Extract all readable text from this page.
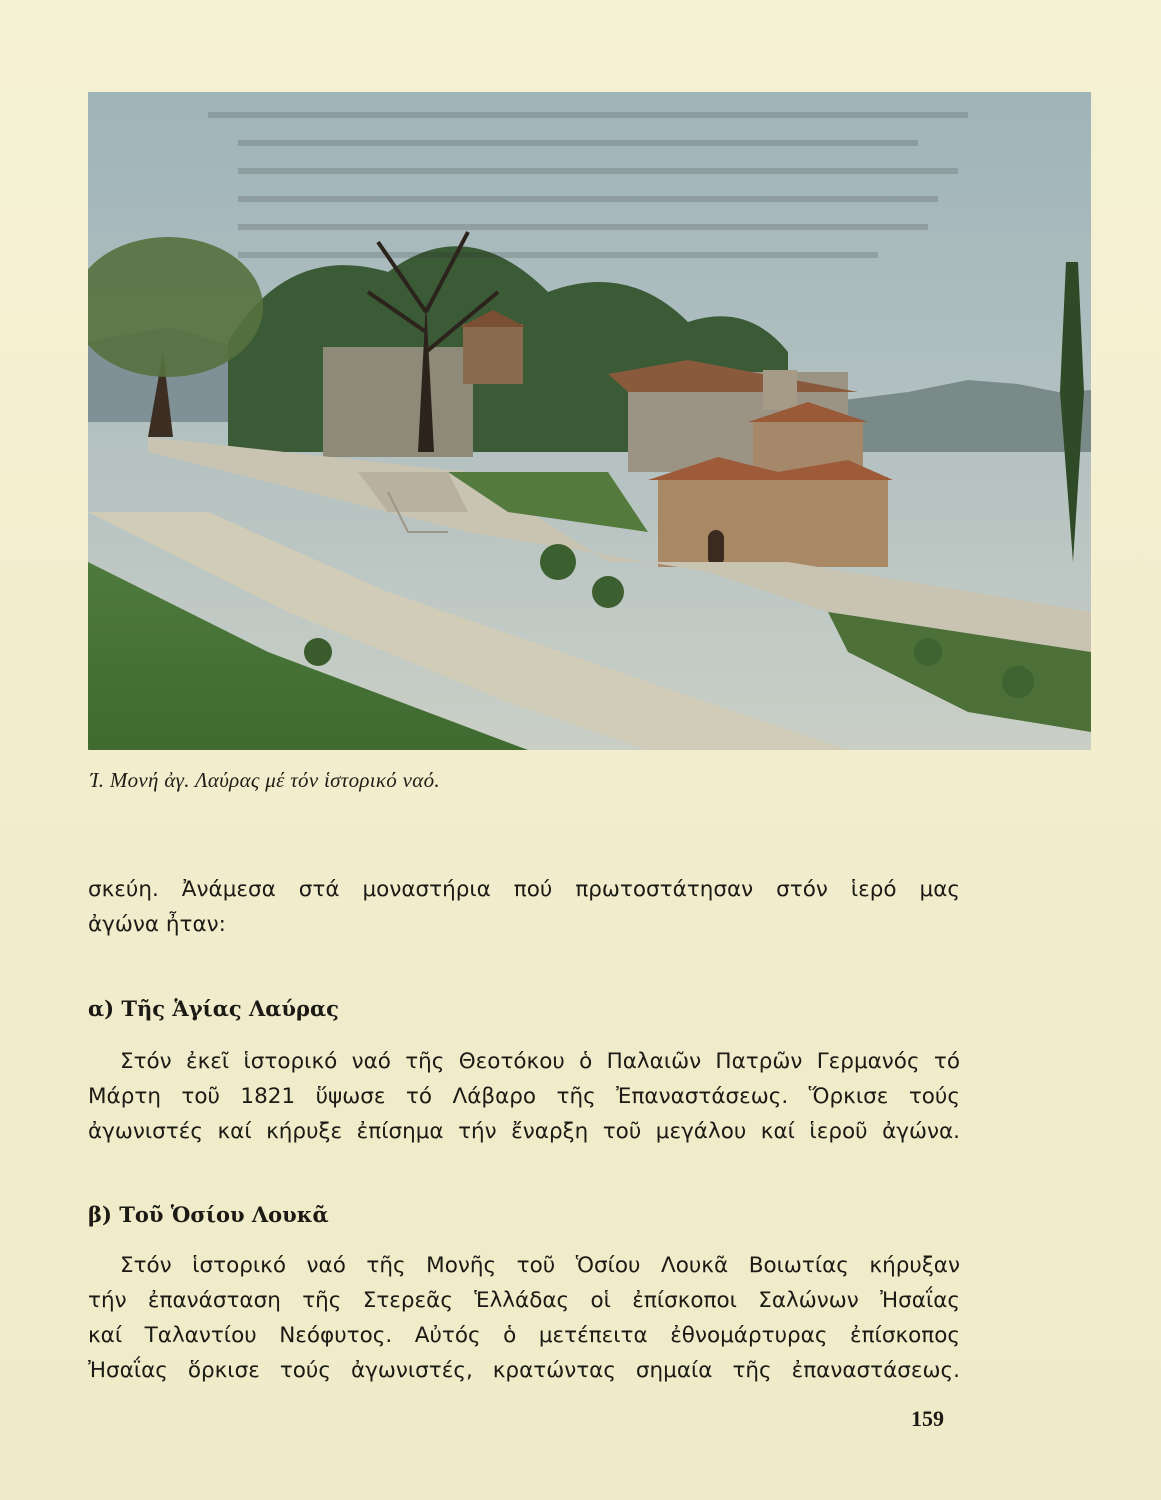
Ί. Μονή ἀγ. Λαύρας μέ τόν ἱστορικό ναό.
σκεύη. Ἀνάμεσα στά μοναστήρια πού πρωτοστάτησαν στόν ἱερό μας
ἀγώνα ἦταν:
α) Τῆς Ἁγίας Λαύρας
Στόν ἐκεῖ ἱστορικό ναό τῆς Θεοτόκου ὁ Παλαιῶν Πατρῶν Γερμανός τό
Μάρτη τοῦ 1821 ὕψωσε τό Λάβαρο τῆς Ἐπαναστάσεως. Ὅρκισε τούς
ἀγωνιστές καί κήρυξε ἐπίσημα τήν ἔναρξη τοῦ μεγάλου καί ἱεροῦ ἀγώνα.
β) Τοῦ Ὁσίου Λουκᾶ
Στόν ἱστορικό ναό τῆς Μονῆς τοῦ Ὁσίου Λουκᾶ Βοιωτίας κήρυξαν
τήν ἐπανάσταση τῆς Στερεᾶς Ἑλλάδας οἱ ἐπίσκοποι Σαλώνων Ἠσαΐας
καί Ταλαντίου Νεόφυτος. Αὐτός ὁ μετέπειτα ἐθνομάρτυρας ἐπίσκοπος
Ἠσαΐας ὅρκισε τούς ἀγωνιστές, κρατώντας σημαία τῆς ἐπαναστάσεως.
159
